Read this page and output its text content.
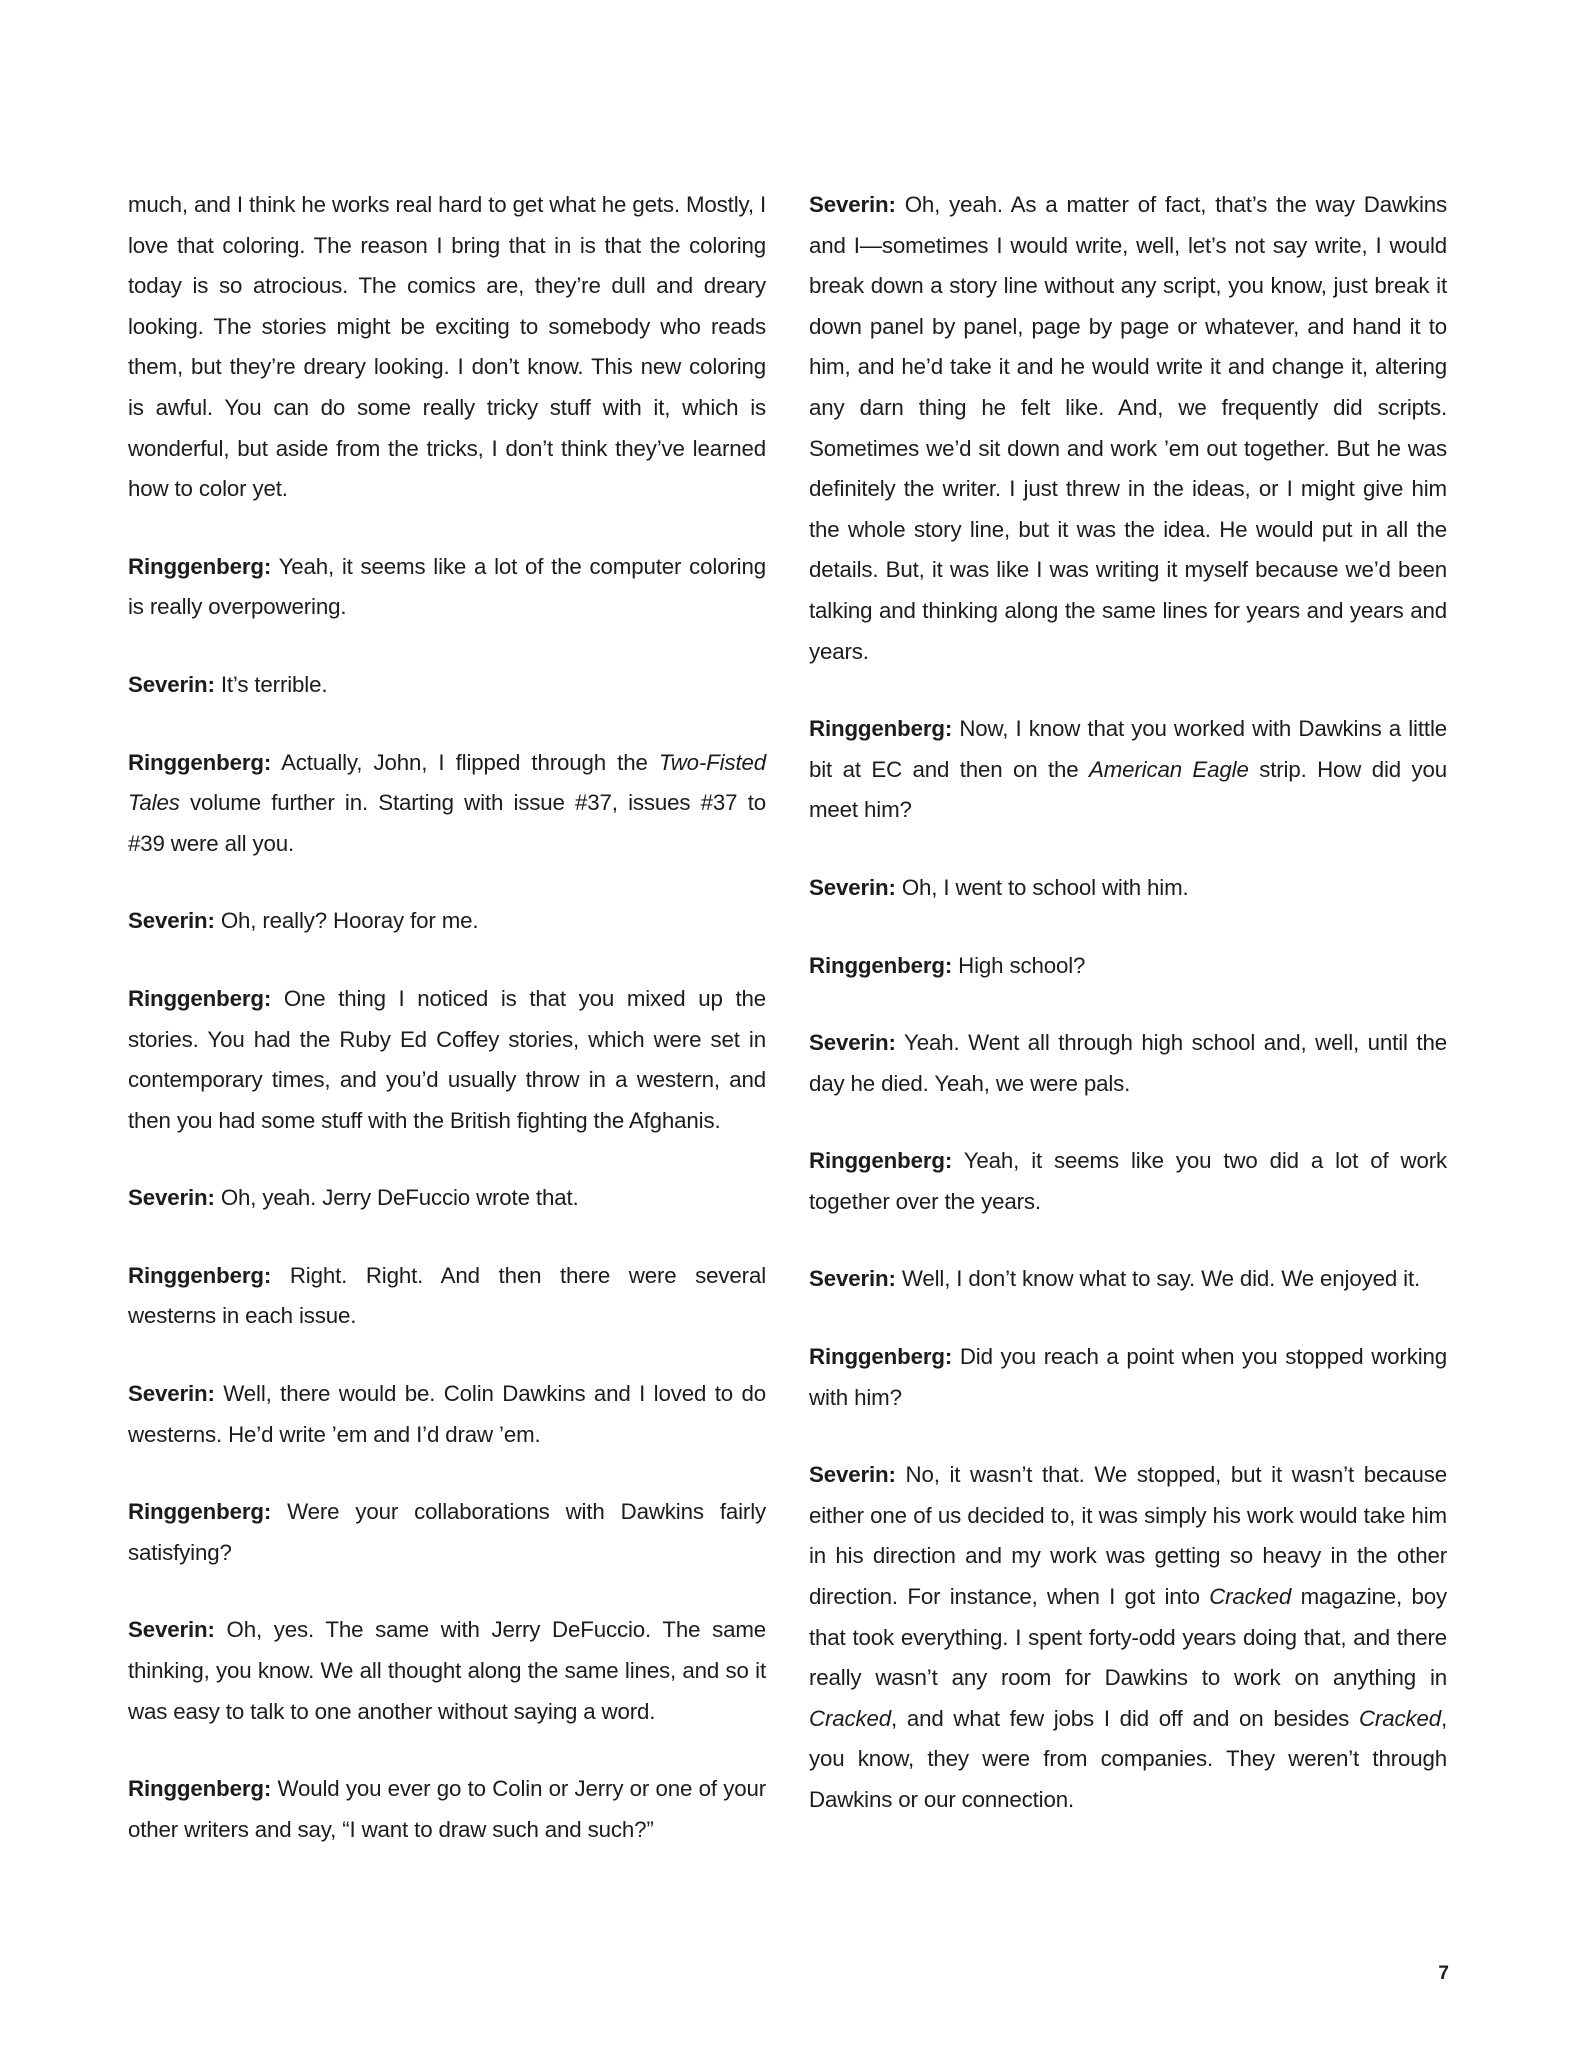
much, and I think he works real hard to get what he gets. Mostly, I love that coloring. The reason I bring that in is that the coloring today is so atrocious. The comics are, they’re dull and dreary looking. The stories might be exciting to somebody who reads them, but they’re dreary looking. I don’t know. This new coloring is awful. You can do some really tricky stuff with it, which is wonderful, but aside from the tricks, I don’t think they’ve learned how to color yet.

Ringgenberg: Yeah, it seems like a lot of the computer coloring is really overpowering.

Severin: It’s terrible.

Ringgenberg: Actually, John, I flipped through the Two-Fisted Tales volume further in. Starting with issue #37, issues #37 to #39 were all you.

Severin: Oh, really? Hooray for me.

Ringgenberg: One thing I noticed is that you mixed up the stories. You had the Ruby Ed Coffey stories, which were set in contemporary times, and you’d usually throw in a western, and then you had some stuff with the British fighting the Afghanis.

Severin: Oh, yeah. Jerry DeFuccio wrote that.

Ringgenberg: Right. Right. And then there were several westerns in each issue.

Severin: Well, there would be. Colin Dawkins and I loved to do westerns. He’d write ’em and I’d draw ’em.

Ringgenberg: Were your collaborations with Dawkins fairly satisfying?

Severin: Oh, yes. The same with Jerry DeFuccio. The same thinking, you know. We all thought along the same lines, and so it was easy to talk to one another without saying a word.

Ringgenberg: Would you ever go to Colin or Jerry or one of your other writers and say, “I want to draw such and such?”

Severin: Oh, yeah. As a matter of fact, that’s the way Dawkins and I—sometimes I would write, well, let’s not say write, I would break down a story line without any script, you know, just break it down panel by panel, page by page or whatever, and hand it to him, and he’d take it and he would write it and change it, altering any darn thing he felt like. And, we frequently did scripts. Sometimes we’d sit down and work ’em out together. But he was definitely the writer. I just threw in the ideas, or I might give him the whole story line, but it was the idea. He would put in all the details. But, it was like I was writing it myself because we’d been talking and thinking along the same lines for years and years and years.

Ringgenberg: Now, I know that you worked with Dawkins a little bit at EC and then on the American Eagle strip. How did you meet him?

Severin: Oh, I went to school with him.

Ringgenberg: High school?

Severin: Yeah. Went all through high school and, well, until the day he died. Yeah, we were pals.

Ringgenberg: Yeah, it seems like you two did a lot of work together over the years.

Severin: Well, I don’t know what to say. We did. We enjoyed it.

Ringgenberg: Did you reach a point when you stopped working with him?

Severin: No, it wasn’t that. We stopped, but it wasn’t because either one of us decided to, it was simply his work would take him in his direction and my work was getting so heavy in the other direction. For instance, when I got into Cracked magazine, boy that took everything. I spent forty-odd years doing that, and there really wasn’t any room for Dawkins to work on anything in Cracked, and what few jobs I did off and on besides Cracked, you know, they were from companies. They weren’t through Dawkins or our connection.

7
